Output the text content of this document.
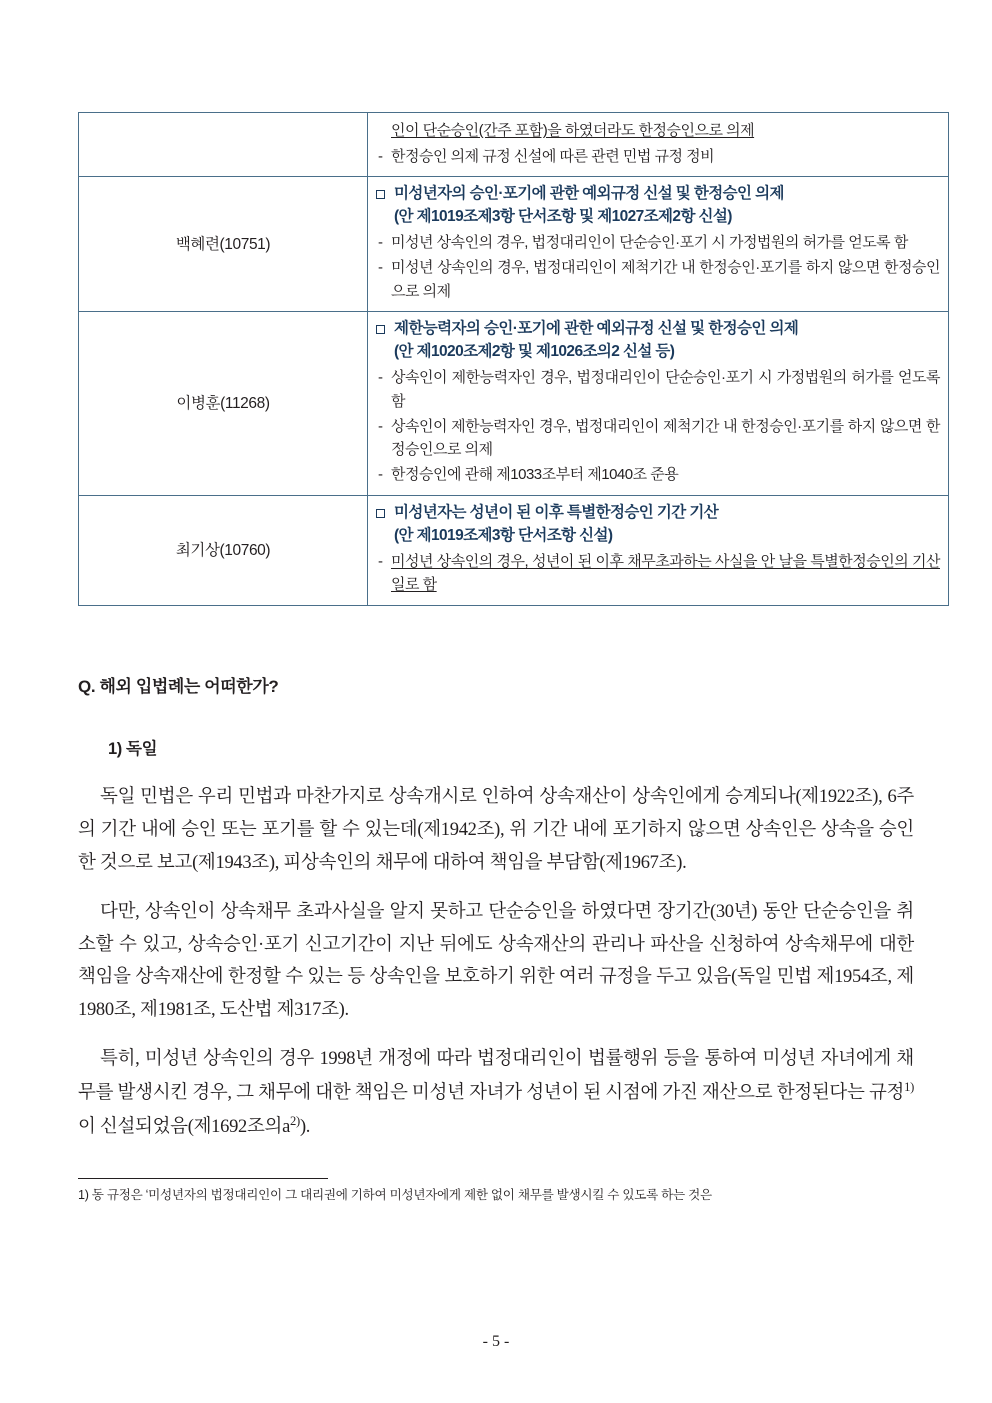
인이 단순승인(간주 포함)을 하였더라도 한정승인으로 의제
- 한정승인 의제 규정 신설에 따른 관련 민법 규정 정비

백혜련(10751)	
미성년자의 승인·포기에 관한 예외규정 신설 및 한정승인 의제
(안 제1019조제3항 단서조항 및 제1027조제2항 신설)
- 미성년 상속인의 경우, 법정대리인이 단순승인·포기 시 가정법원의 허가를 얻도록 함
- 미성년 상속인의 경우, 법정대리인이 제척기간 내 한정승인·포기를 하지 않으면 한정승인으로 의제

이병훈(11268)	
제한능력자의 승인·포기에 관한 예외규정 신설 및 한정승인 의제
(안 제1020조제2항 및 제1026조의2 신설 등)
- 상속인이 제한능력자인 경우, 법정대리인이 단순승인·포기 시 가정법원의 허가를 얻도록 함
- 상속인이 제한능력자인 경우, 법정대리인이 제척기간 내 한정승인·포기를 하지 않으면 한정승인으로 의제
- 한정승인에 관해 제1033조부터 제1040조 준용

최기상(10760)	
미성년자는 성년이 된 이후 특별한정승인 기간 기산
(안 제1019조제3항 단서조항 신설)
- 미성년 상속인의 경우, 성년이 된 이후 채무초과하는 사실을 안 날을 특별한정승인의 기산일로 함
Q. 해외 입법례는 어떠한가?
1) 독일

독일 민법은 우리 민법과 마찬가지로 상속개시로 인하여 상속재산이 상속인에게 승계되나(제1922조), 6주의 기간 내에 승인 또는 포기를 할 수 있는데(제1942조), 위 기간 내에 포기하지 않으면 상속인은 상속을 승인한 것으로 보고(제1943조), 피상속인의 채무에 대하여 책임을 부담함(제1967조).

다만, 상속인이 상속채무 초과사실을 알지 못하고 단순승인을 하였다면 장기간(30년) 동안 단순승인을 취소할 수 있고, 상속승인·포기 신고기간이 지난 뒤에도 상속재산의 관리나 파산을 신청하여 상속채무에 대한 책임을 상속재산에 한정할 수 있는 등 상속인을 보호하기 위한 여러 규정을 두고 있음(독일 민법 제1954조, 제1980조, 제1981조, 도산법 제317조).

특히, 미성년 상속인의 경우 1998년 개정에 따라 법정대리인이 법률행위 등을 통하여 미성년 자녀에게 채무를 발생시킨 경우, 그 채무에 대한 책임은 미성년 자녀가 성년이 된 시점에 가진 재산으로 한정된다는 규정$^{1)}$이 신설되었음(제1692조의$a^{2)}$).

1) 동 규정은 ʻ미성년자의 법정대리인이 그 대리권에 기하여 미성년자에게 제한 없이 채무를 발생시킬 수 있도록 하는 것은

- 5 -
